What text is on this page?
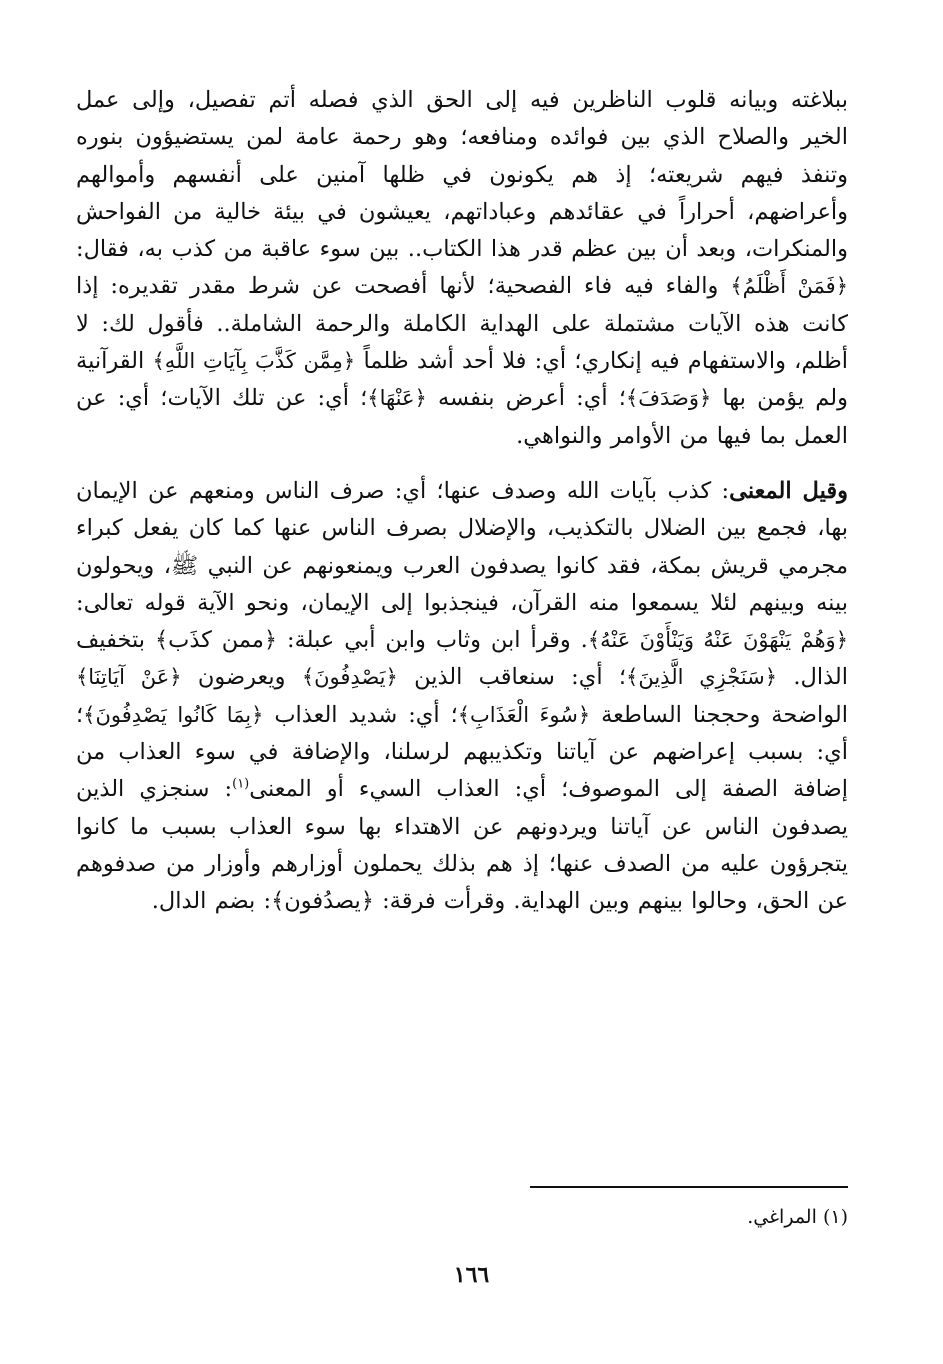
ببلاغته وبيانه قلوب الناظرين فيه إلى الحق الذي فصله أتم تفصيل، وإلى عمل الخير والصلاح الذي بين فوائده ومنافعه؛ وهو رحمة عامة لمن يستضيؤون بنوره وتنفذ فيهم شريعته؛ إذ هم يكونون في ظلها آمنين على أنفسهم وأموالهم وأعراضهم، أحراراً في عقائدهم وعباداتهم، يعيشون في بيئة خالية من الفواحش والمنكرات، وبعد أن بين عظم قدر هذا الكتاب.. بين سوء عاقبة من كذب به، فقال: ﴿فَمَنْ أَظْلَمُ﴾ والفاء فيه فاء الفصحية؛ لأنها أفصحت عن شرط مقدر تقديره: إذا كانت هذه الآيات مشتملة على الهداية الكاملة والرحمة الشاملة.. فأقول لك: لا أظلم، والاستفهام فيه إنكاري؛ أي: فلا أحد أشد ظلماً ﴿مِمَّن كَذَّبَ بِآيَاتِ اللَّهِ﴾ القرآنية ولم يؤمن بها ﴿وَصَدَفَ﴾؛ أي: أعرض بنفسه ﴿عَنْهَا﴾؛ أي: عن تلك الآيات؛ أي: عن العمل بما فيها من الأوامر والنواهي.

وقيل المعنى: كذب بآيات الله وصدف عنها؛ أي: صرف الناس ومنعهم عن الإيمان بها، فجمع بين الضلال بالتكذيب، والإضلال بصرف الناس عنها كما كان يفعل كبراء مجرمي قريش بمكة، فقد كانوا يصدفون العرب ويمنعونهم عن النبي ﷺ، ويحولون بينه وبينهم لئلا يسمعوا منه القرآن، فينجذبوا إلى الإيمان، ونحو الآية قوله تعالى: ﴿وَهُمْ يَنْهَوْنَ عَنْهُ وَيَنْأَوْنَ عَنْهُ﴾. وقرأ ابن وثاب وابن أبي عبلة: ﴿ممن كذَب﴾ بتخفيف الذال. ﴿سَنَجْزِي الَّذِينَ﴾؛ أي: سنعاقب الذين ﴿يَصْدِفُونَ﴾ ويعرضون ﴿عَنْ آيَاتِنَا﴾ الواضحة وحججنا الساطعة ﴿سُوءَ الْعَذَابِ﴾؛ أي: شديد العذاب ﴿بِمَا كَانُوا يَصْدِفُونَ﴾؛ أي: بسبب إعراضهم عن آياتنا وتكذيبهم لرسلنا، والإضافة في سوء العذاب من إضافة الصفة إلى الموصوف؛ أي: العذاب السيء أو المعنى$^{(١)}$: سنجزي الذين يصدفون الناس عن آياتنا ويردونهم عن الاهتداء بها سوء العذاب بسبب ما كانوا يتجرؤون عليه من الصدف عنها؛ إذ هم بذلك يحملون أوزارهم وأوزار من صدفوهم عن الحق، وحالوا بينهم وبين الهداية. وقرأت فرقة: ﴿يصدُفون﴾: بضم الدال.

(١) المراغي.
١٦٦
